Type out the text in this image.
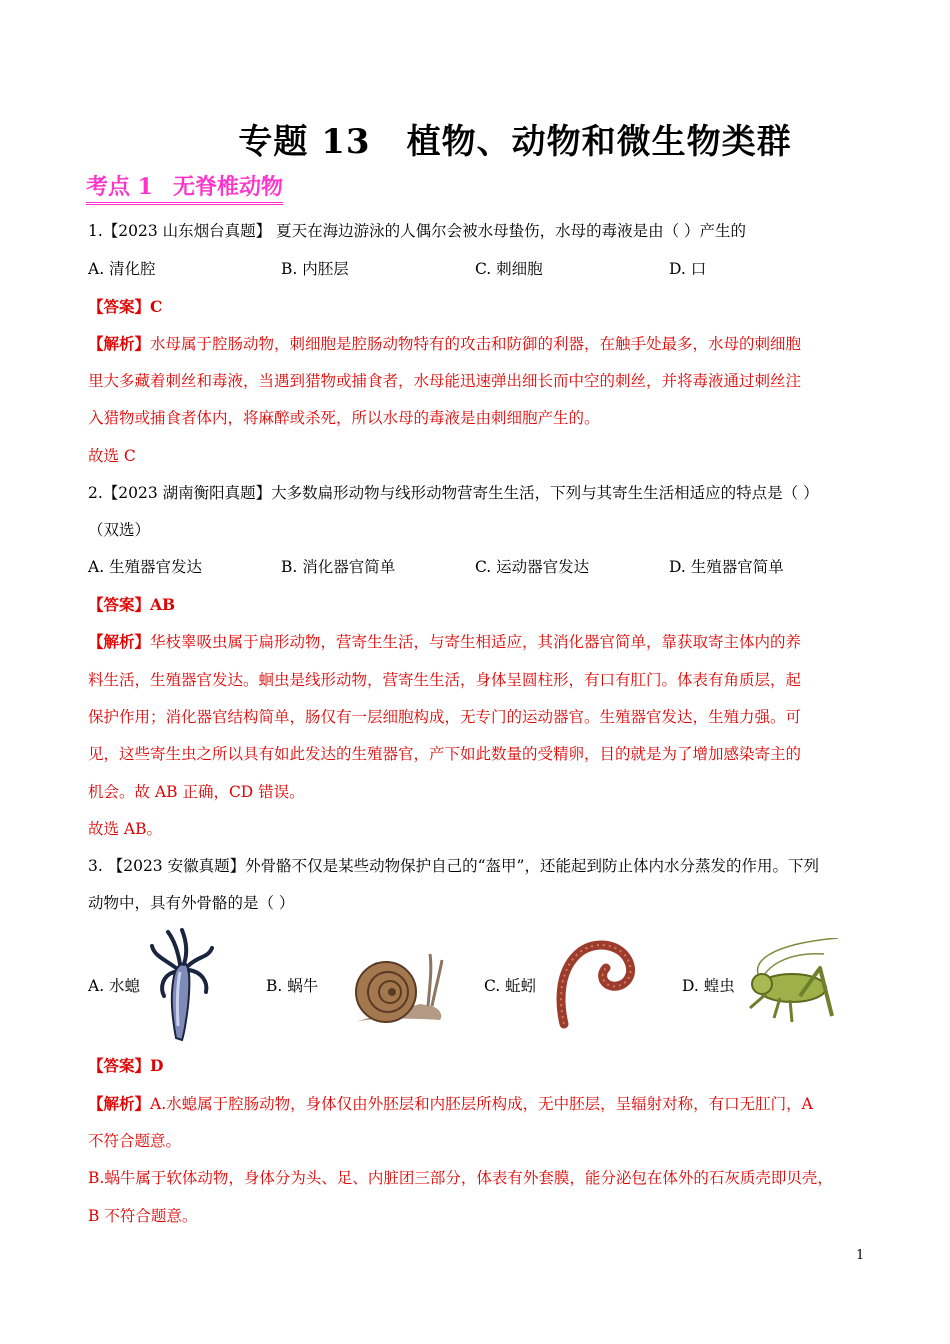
专题 13 植物、动物和微生物类群
考点 1 无脊椎动物
1.【2023 山东烟台真题】 夏天在海边游泳的人偶尔会被水母蛰伤，水母的毒液是由（ ）产生的
A. 清化腔	B. 内胚层	C. 刺细胞	D. 口
【答案】C
【解析】水母属于腔肠动物，刺细胞是腔肠动物特有的攻击和防御的利器，在触手处最多，水母的刺细胞
里大多藏着刺丝和毒液，当遇到猎物或捕食者，水母能迅速弹出细长而中空的刺丝，并将毒液通过刺丝注
入猎物或捕食者体内，将麻醉或杀死，所以水母的毒液是由刺细胞产生的。
故选 C
2.【2023 湖南衡阳真题】大多数扁形动物与线形动物营寄生生活，下列与其寄生生活相适应的特点是（ ）
（双选）
A. 生殖器官发达	B. 消化器官简单	C. 运动器官发达	D. 生殖器官简单
【答案】AB
【解析】华枝睾吸虫属于扁形动物，营寄生生活，与寄生相适应，其消化器官简单，靠获取寄主体内的养
料生活，生殖器官发达。蛔虫是线形动物，营寄生生活，身体呈圆柱形，有口有肛门。体表有角质层，起
保护作用；消化器官结构简单，肠仅有一层细胞构成，无专门的运动器官。生殖器官发达，生殖力强。可
见，这些寄生虫之所以具有如此发达的生殖器官，产下如此数量的受精卵，目的就是为了增加感染寄主的
机会。故 AB 正确，CD 错误。
故选 AB。
3. 【2023 安徽真题】外骨骼不仅是某些动物保护自己的“盔甲”，还能起到防止体内水分蒸发的作用。下列
动物中，具有外骨骼的是（ ）
A. 水螅	B. 蜗牛	C. 蚯蚓	D. 蝗虫
【答案】D
【解析】A.水螅属于腔肠动物，身体仅由外胚层和内胚层所构成，无中胚层，呈辐射对称，有口无肛门，A
不符合题意。
B.蜗牛属于软体动物，身体分为头、足、内脏团三部分，体表有外套膜，能分泌包在体外的石灰质壳即贝壳，
B 不符合题意。
1
